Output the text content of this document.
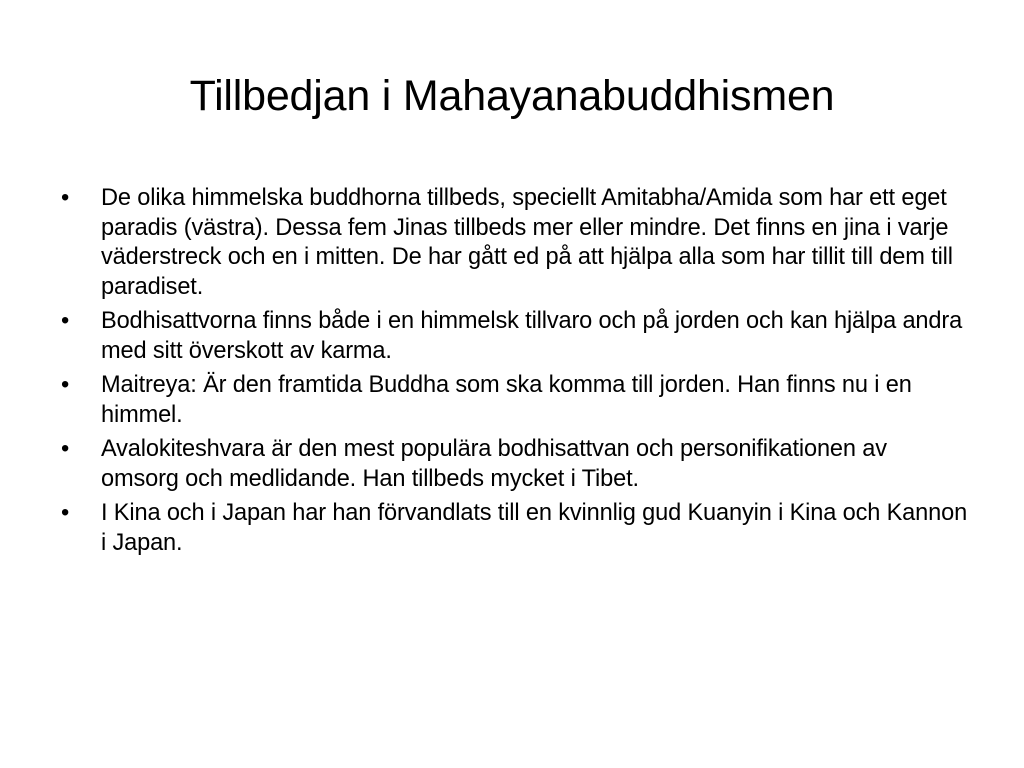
Tillbedjan i Mahayanabuddhismen
•	De olika himmelska buddhorna tillbeds, speciellt Amitabha/Amida som har ett eget paradis (västra). Dessa fem Jinas tillbeds mer eller mindre. Det finns en jina i varje väderstreck och en i mitten. De har gått ed på att hjälpa alla som har tillit till dem till paradiset.
•	Bodhisattvorna finns både i en himmelsk tillvaro och på jorden och kan hjälpa andra med sitt överskott av karma.
•	Maitreya: Är den framtida Buddha som ska komma till jorden. Han finns nu i en himmel.
•	Avalokiteshvara är den mest populära bodhisattvan och personifikationen av omsorg och medlidande. Han tillbeds mycket i Tibet.
•	I Kina och i Japan har han förvandlats till en kvinnlig gud Kuanyin i Kina och Kannon i Japan.
